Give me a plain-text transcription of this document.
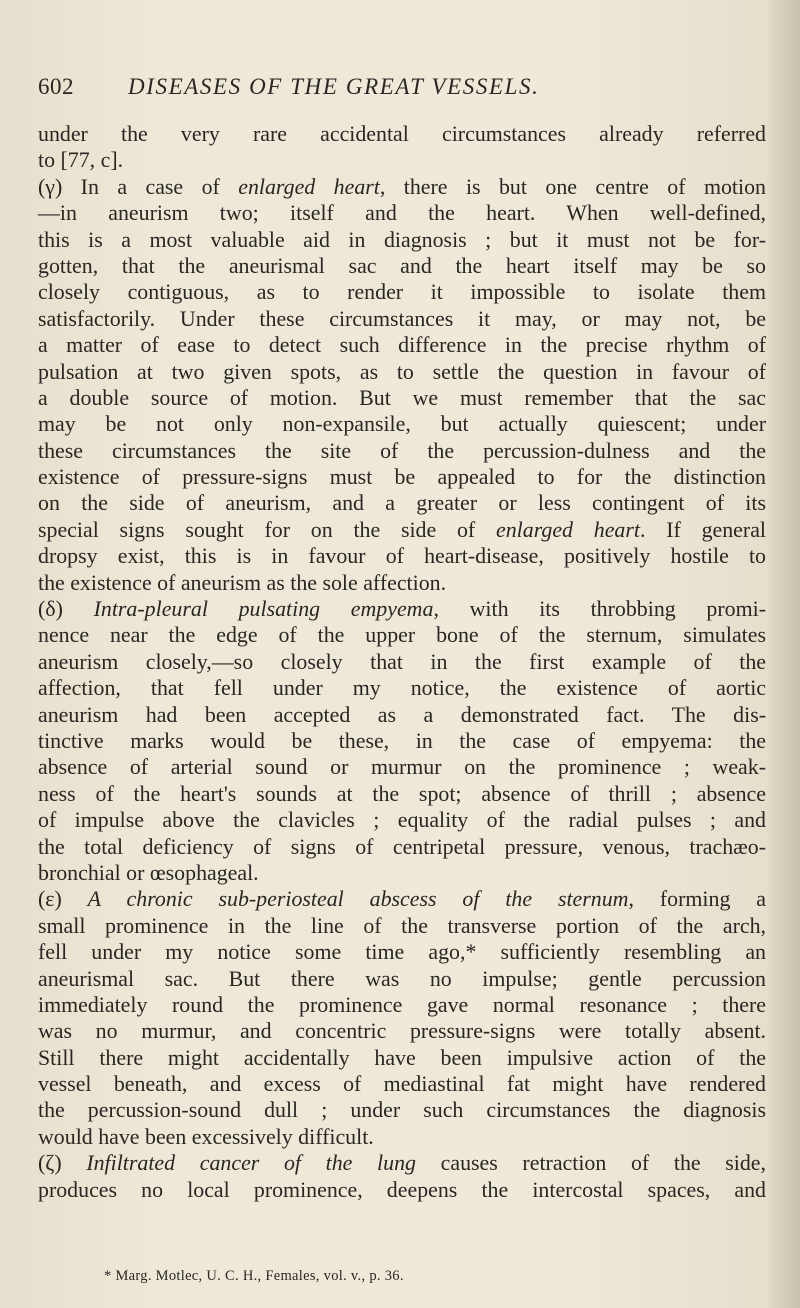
602 DISEASES OF THE GREAT VESSELS.
under the very rare accidental circumstances already referred
to [77, c].
(γ) In a case of enlarged heart, there is but one centre of motion
—in aneurism two; itself and the heart. When well-defined,
this is a most valuable aid in diagnosis ; but it must not be for-
gotten, that the aneurismal sac and the heart itself may be so
closely contiguous, as to render it impossible to isolate them
satisfactorily. Under these circumstances it may, or may not, be
a matter of ease to detect such difference in the precise rhythm of
pulsation at two given spots, as to settle the question in favour of
a double source of motion. But we must remember that the sac
may be not only non-expansile, but actually quiescent; under
these circumstances the site of the percussion-dulness and the
existence of pressure-signs must be appealed to for the distinction
on the side of aneurism, and a greater or less contingent of its
special signs sought for on the side of enlarged heart. If general
dropsy exist, this is in favour of heart-disease, positively hostile to
the existence of aneurism as the sole affection.
(δ) Intra-pleural pulsating empyema, with its throbbing promi-
nence near the edge of the upper bone of the sternum, simulates
aneurism closely,—so closely that in the first example of the
affection, that fell under my notice, the existence of aortic
aneurism had been accepted as a demonstrated fact. The dis-
tinctive marks would be these, in the case of empyema: the
absence of arterial sound or murmur on the prominence ; weak-
ness of the heart's sounds at the spot; absence of thrill ; absence
of impulse above the clavicles ; equality of the radial pulses ; and
the total deficiency of signs of centripetal pressure, venous, trachæo-
bronchial or œsophageal.
(ε) A chronic sub-periosteal abscess of the sternum, forming a
small prominence in the line of the transverse portion of the arch,
fell under my notice some time ago,* sufficiently resembling an
aneurismal sac. But there was no impulse; gentle percussion
immediately round the prominence gave normal resonance ; there
was no murmur, and concentric pressure-signs were totally absent.
Still there might accidentally have been impulsive action of the
vessel beneath, and excess of mediastinal fat might have rendered
the percussion-sound dull ; under such circumstances the diagnosis
would have been excessively difficult.
(ζ) Infiltrated cancer of the lung causes retraction of the side,
produces no local prominence, deepens the intercostal spaces, and
* Marg. Motlec, U. C. H., Females, vol. v., p. 36.
